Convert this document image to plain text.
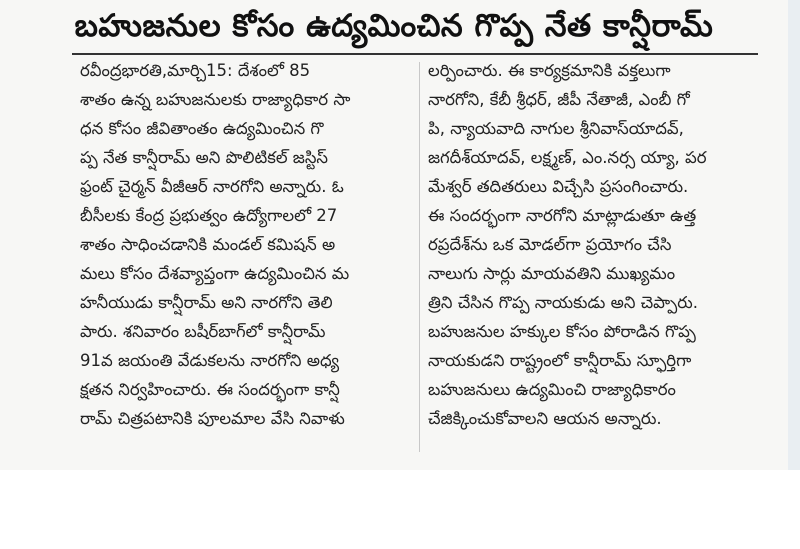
బహుజనుల కోసం ఉద్యమించిన గొప్ప నేత కాన్షీరామ్
రవీంద్రభారతి,మార్చి15: దేశంలో 85
శాతం ఉన్న బహుజనులకు రాజ్యాధికార సా
ధన కోసం జీవితాంతం ఉద్యమించిన గొ
ప్ప నేత కాన్షీరామ్ అని పొలిటికల్ జస్టిస్
ఫ్రంట్ చైర్మన్ వీజీఆర్ నారగోని అన్నారు. ఓ
బీసీలకు కేంద్ర ప్రభుత్వం ఉద్యోగాలలో 27
శాతం సాధించడానికి మండల్ కమిషన్ అ
మలు కోసం దేశవ్యాప్తంగా ఉద్యమించిన మ
హనీయుడు కాన్షీరామ్ అని నారగోని తెలి
పారు. శనివారం బషీర్‌బాగ్‌లో కాన్షీరామ్
91వ జయంతి వేడుకలను నారగోని అధ్య
క్షతన నిర్వహించారు. ఈ సందర్భంగా కాన్షీ
రామ్ చిత్రపటానికి పూలమాల వేసి నివాళు
లర్పించారు. ఈ కార్యక్రమానికి వక్తలుగా
నారగోని, కేబీ శ్రీధర్, జీపీ నేతాజీ, ఎంబీ గో
పి, న్యాయవాది నాగుల శ్రీనివాస్‌యాదవ్,
జగదీశ్‌యాదవ్, లక్ష్మణ్, ఎం.నర్స య్యా, పర
మేశ్వర్ తదితరులు విచ్చేసి ప్రసంగించారు.
ఈ సందర్భంగా నారగోని మాట్లాడుతూ ఉత్త
రప్రదేశ్‌ను ఒక మోడల్‌గా ప్రయోగం చేసి
నాలుగు సార్లు మాయవతిని ముఖ్యమం
త్రిని చేసిన గొప్ప నాయకుడు అని చెప్పారు.
బహుజనుల హక్కుల కోసం పోరాడిన గొప్ప
నాయకుడని రాష్ట్రంలో కాన్షీరామ్ స్ఫూర్తిగా
బహుజనులు ఉద్యమించి రాజ్యాధికారం
చేజిక్కించుకోవాలని ఆయన అన్నారు.
